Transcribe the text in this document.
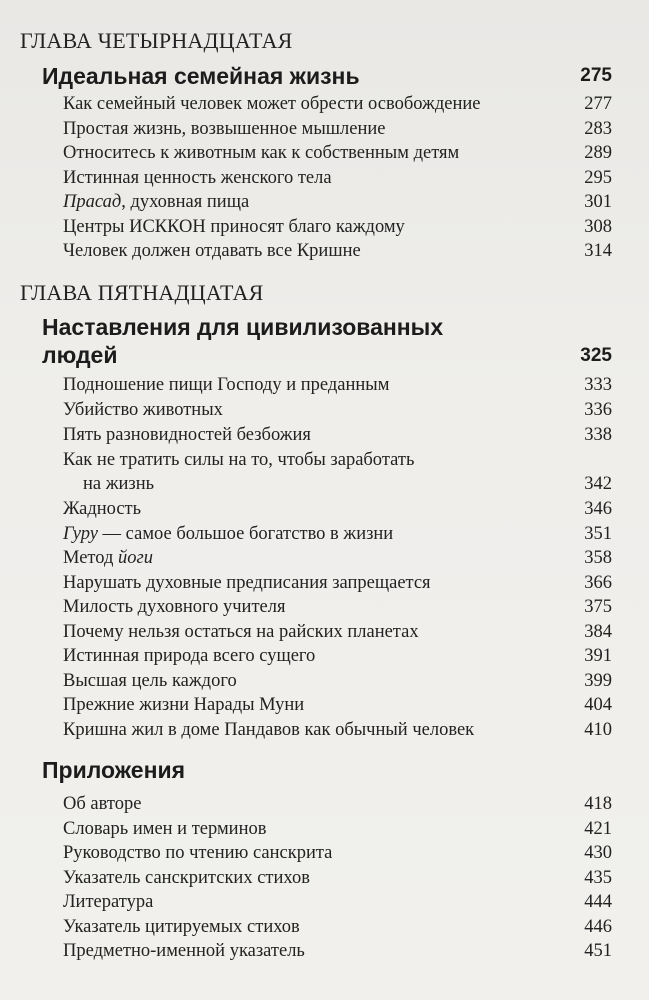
ГЛАВА ЧЕТЫРНАДЦАТАЯ
Идеальная семейная жизнь	275
Как семейный человек может обрести освобождение	277
Простая жизнь, возвышенное мышление	283
Относитесь к животным как к собственным детям	289
Истинная ценность женского тела	295
Прасад, духовная пища	301
Центры ИСККОН приносят благо каждому	308
Человек должен отдавать все Кришне	314
ГЛАВА ПЯТНАДЦАТАЯ
Наставления для цивилизованных
людей	325
Подношение пищи Господу и преданным	333
Убийство животных	336
Пять разновидностей безбожия	338
Как не тратить силы на то, чтобы заработать
на жизнь	342
Жадность	346
Гуру — самое большое богатство в жизни	351
Метод йоги	358
Нарушать духовные предписания запрещается	366
Милость духовного учителя	375
Почему нельзя остаться на райских планетах	384
Истинная природа всего сущего	391
Высшая цель каждого	399
Прежние жизни Нарады Муни	404
Кришна жил в доме Пандавов как обычный человек	410
Приложения
Об авторе	418
Словарь имен и терминов	421
Руководство по чтению санскрита	430
Указатель санскритских стихов	435
Литература	444
Указатель цитируемых стихов	446
Предметно-именной указатель	451
